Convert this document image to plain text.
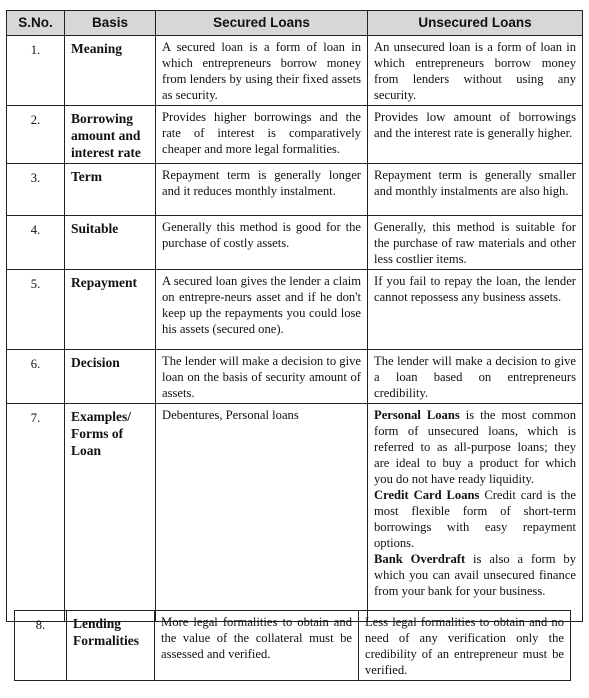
S.No.	Basis	Secured Loans	Unsecured Loans
1.	Meaning	A secured loan is a form of loan in which entrepreneurs borrow money from lenders by using their fixed assets as security.	An unsecured loan is a form of loan in which entrepreneurs borrow money from lenders without using any security.
2.	Borrowing amount and interest rate	Provides higher borrowings and the rate of interest is comparatively cheaper and more legal formalities.	Provides low amount of borrowings and the interest rate is generally higher.
3.	Term	Repayment term is generally longer and it reduces monthly instalment.	Repayment term is generally smaller and monthly instalments are also high.
4.	Suitable	Generally this method is good for the purchase of costly assets.	Generally, this method is suitable for the purchase of raw materials and other less costlier items.
5.	Repayment	A secured loan gives the lender a claim on entrepre-neurs asset and if he don't keep up the repayments you could lose his assets (secured one).	If you fail to repay the loan, the lender cannot repossess any business assets.
6.	Decision	The lender will make a decision to give loan on the basis of security amount of assets.	The lender will make a decision to give a loan based on entrepreneurs credibility.
7.	Examples/ Forms of Loan	Debentures, Personal loans	Personal Loans is the most common form of unsecured loans, which is referred to as all-purpose loans; they are ideal to buy a product for which you do not have ready liquidity.
Credit Card Loans Credit card is the most flexible form of short-term borrowings with easy repayment options.
Bank Overdraft is also a form by which you can avail unsecured finance from your bank for your business.
8.	Lending Formalities	More legal formalities to obtain and the value of the collateral must be assessed and verified.	Less legal formalities to obtain and no need of any verification only the credibility of an entrepreneur must be verified.
